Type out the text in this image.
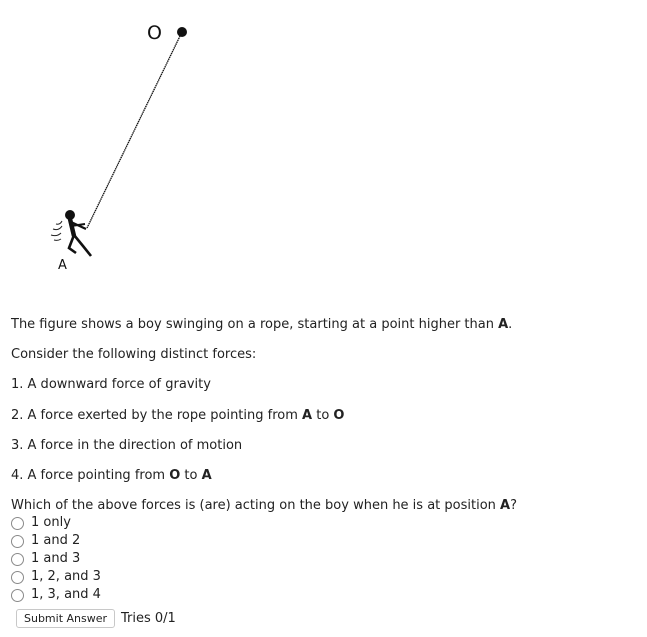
O
A

The figure shows a boy swinging on a rope, starting at a point higher than A.

Consider the following distinct forces:

1. A downward force of gravity

2. A force exerted by the rope pointing from A to O

3. A force in the direction of motion

4. A force pointing from O to A

Which of the above forces is (are) acting on the boy when he is at position A?

1 only
1 and 2
1 and 3
1, 2, and 3
1, 3, and 4
Submit Answer	Tries 0/1
